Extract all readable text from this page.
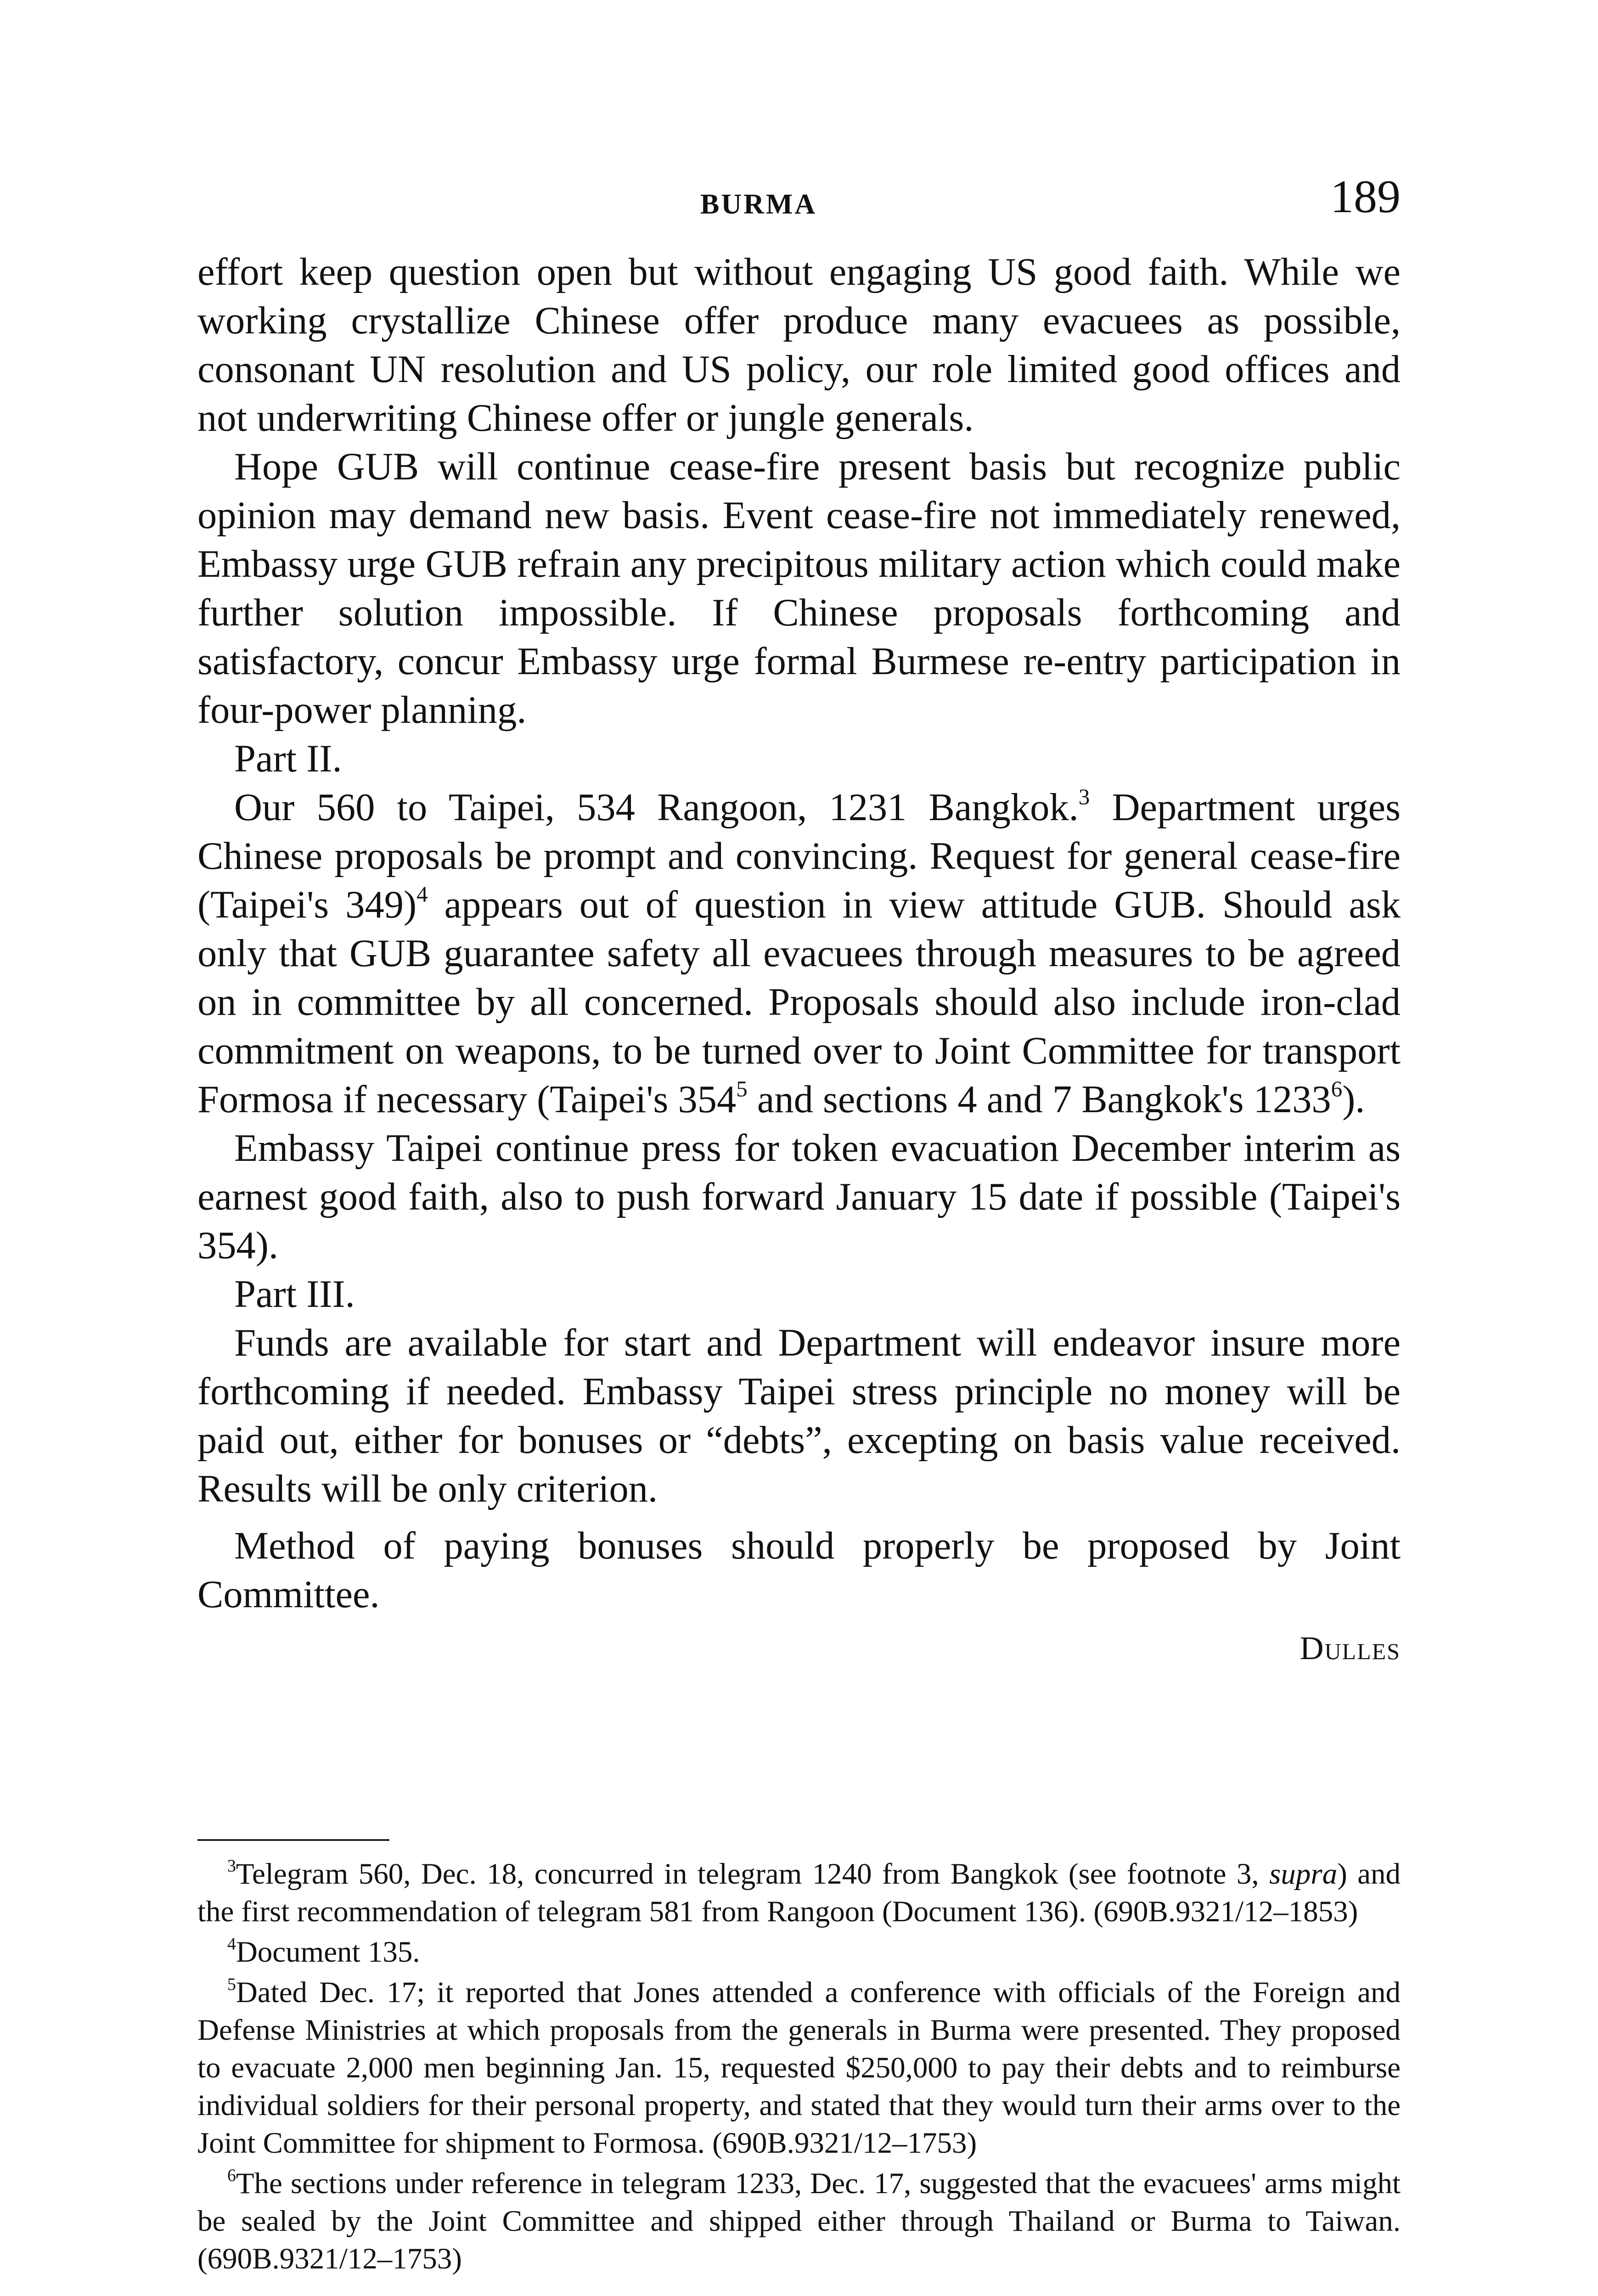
BURMA	189

effort keep question open but without engaging US good faith. While we working crystallize Chinese offer produce many evacuees as possible, consonant UN resolution and US policy, our role limited good offices and not underwriting Chinese offer or jungle generals.

Hope GUB will continue cease-fire present basis but recognize public opinion may demand new basis. Event cease-fire not immediately renewed, Embassy urge GUB refrain any precipitous military action which could make further solution impossible. If Chinese proposals forthcoming and satisfactory, concur Embassy urge formal Burmese re-entry participation in four-power planning.

Part II.

Our 560 to Taipei, 534 Rangoon, 1231 Bangkok.$^3$ Department urges Chinese proposals be prompt and convincing. Request for general cease-fire (Taipei's 349)$^4$ appears out of question in view attitude GUB. Should ask only that GUB guarantee safety all evacuees through measures to be agreed on in committee by all concerned. Proposals should also include iron-clad commitment on weapons, to be turned over to Joint Committee for transport Formosa if necessary (Taipei's $354^5$ and sections 4 and 7 Bangkok's 1233$^6$).

Embassy Taipei continue press for token evacuation December interim as earnest good faith, also to push forward January 15 date if possible (Taipei's 354).

Part III.

Funds are available for start and Department will endeavor insure more forthcoming if needed. Embassy Taipei stress principle no money will be paid out, either for bonuses or “debts”, excepting on basis value received. Results will be only criterion.

Method of paying bonuses should properly be proposed by Joint Committee.

Dulles

$^3$Telegram 560, Dec. 18, concurred in telegram 1240 from Bangkok (see footnote 3, supra) and the first recommendation of telegram 581 from Rangoon (Document 136). (690B.9321/12–1853)

$^4$Document 135.

$^5$Dated Dec. 17; it reported that Jones attended a conference with officials of the Foreign and Defense Ministries at which proposals from the generals in Burma were presented. They proposed to evacuate 2,000 men beginning Jan. 15, requested $250,000 to pay their debts and to reimburse individual soldiers for their personal property, and stated that they would turn their arms over to the Joint Committee for shipment to Formosa. (690B.9321/12–1753)

$^6$The sections under reference in telegram 1233, Dec. 17, suggested that the evacuees' arms might be sealed by the Joint Committee and shipped either through Thailand or Burma to Taiwan. (690B.9321/12–1753)
